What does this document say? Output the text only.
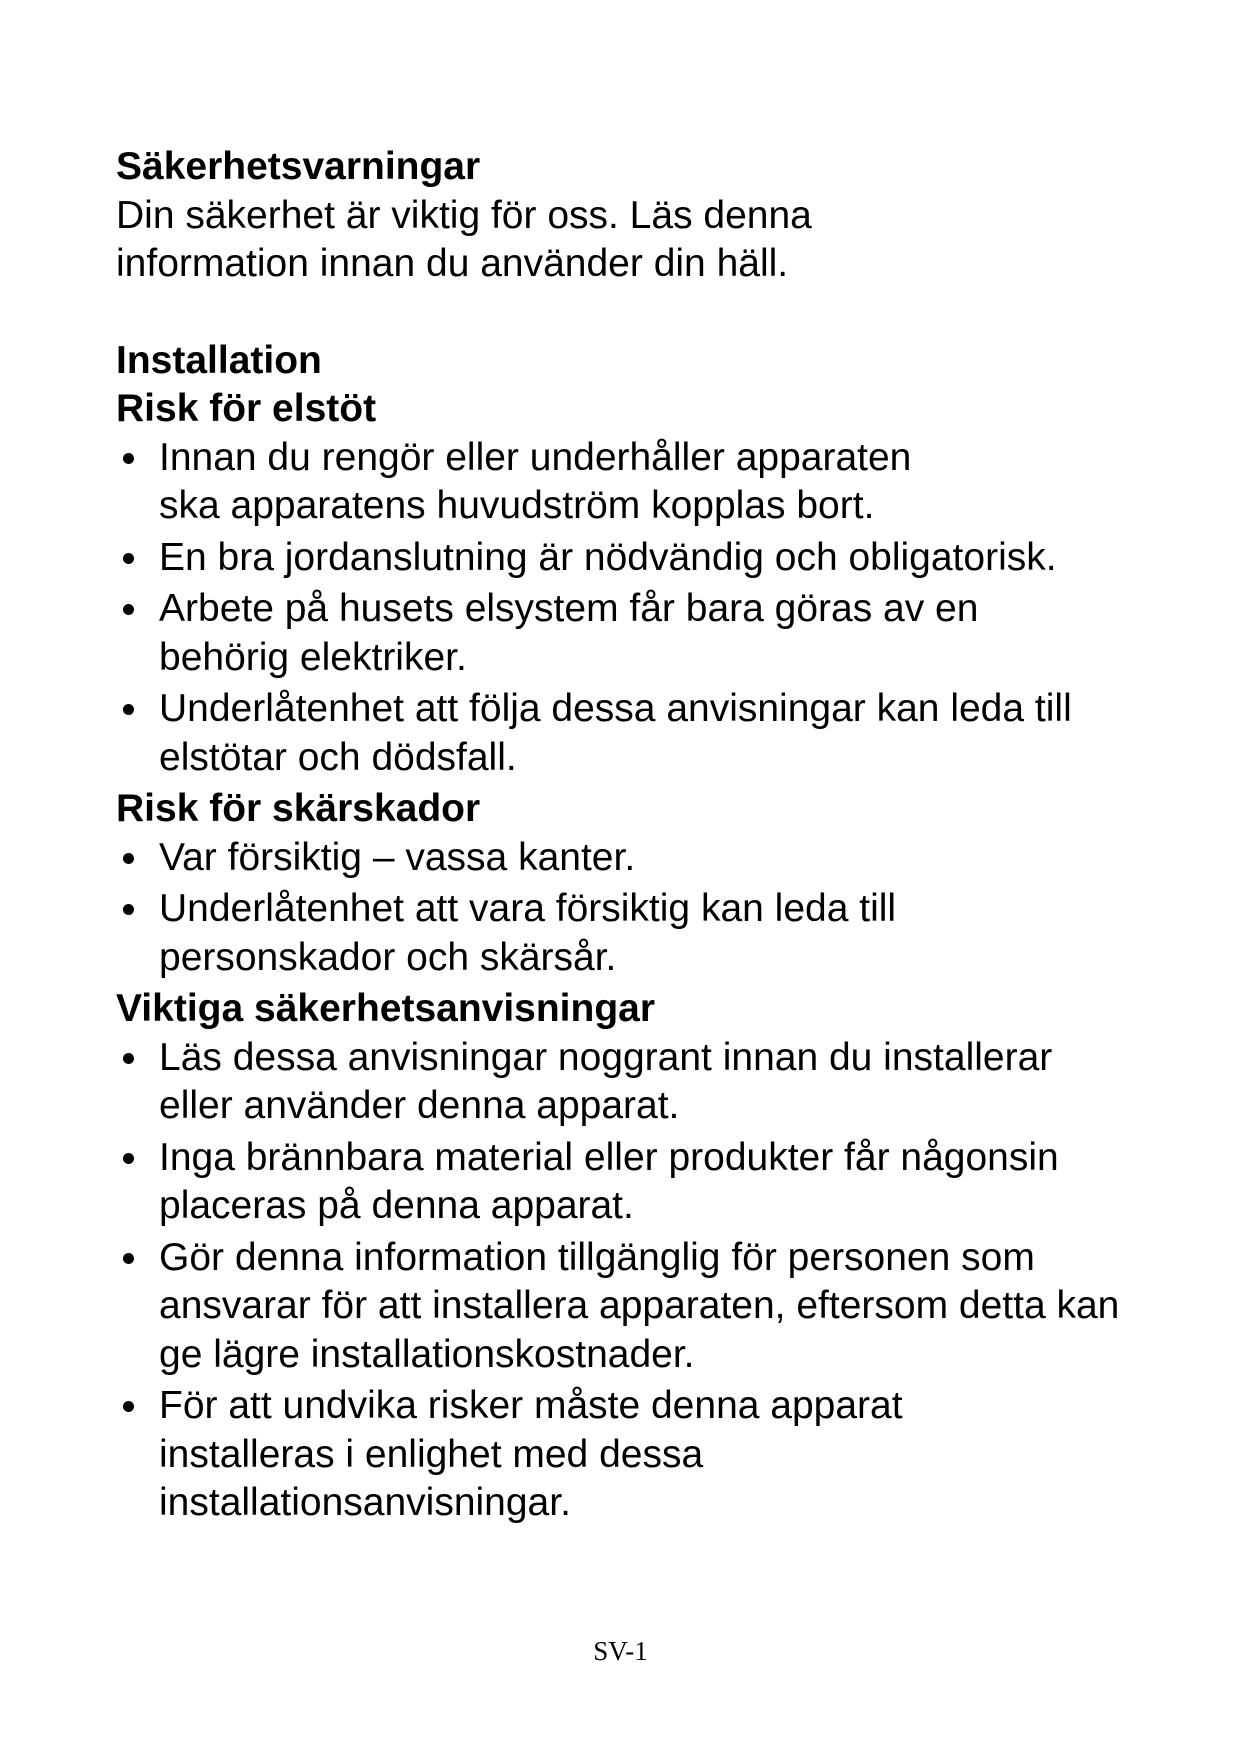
Säkerhetsvarningar

Din säkerhet är viktig för oss. Läs denna information innan du använder din häll.

Installation

Risk för elstöt

Innan du rengör eller underhåller apparaten ska apparatens huvudström kopplas bort.
En bra jordanslutning är nödvändig och obligatorisk.
Arbete på husets elsystem får bara göras av en behörig elektriker.
Underlåtenhet att följa dessa anvisningar kan leda till elstötar och dödsfall.

Risk för skärskador

Var försiktig – vassa kanter.
Underlåtenhet att vara försiktig kan leda till personskador och skärsår.

Viktiga säkerhetsanvisningar

Läs dessa anvisningar noggrant innan du installerar eller använder denna apparat.
Inga brännbara material eller produkter får någonsin placeras på denna apparat.
Gör denna information tillgänglig för personen som ansvarar för att installera apparaten, eftersom detta kan ge lägre installationskostnader.
För att undvika risker måste denna apparat installeras i enlighet med dessa installationsanvisningar.
SV-1
